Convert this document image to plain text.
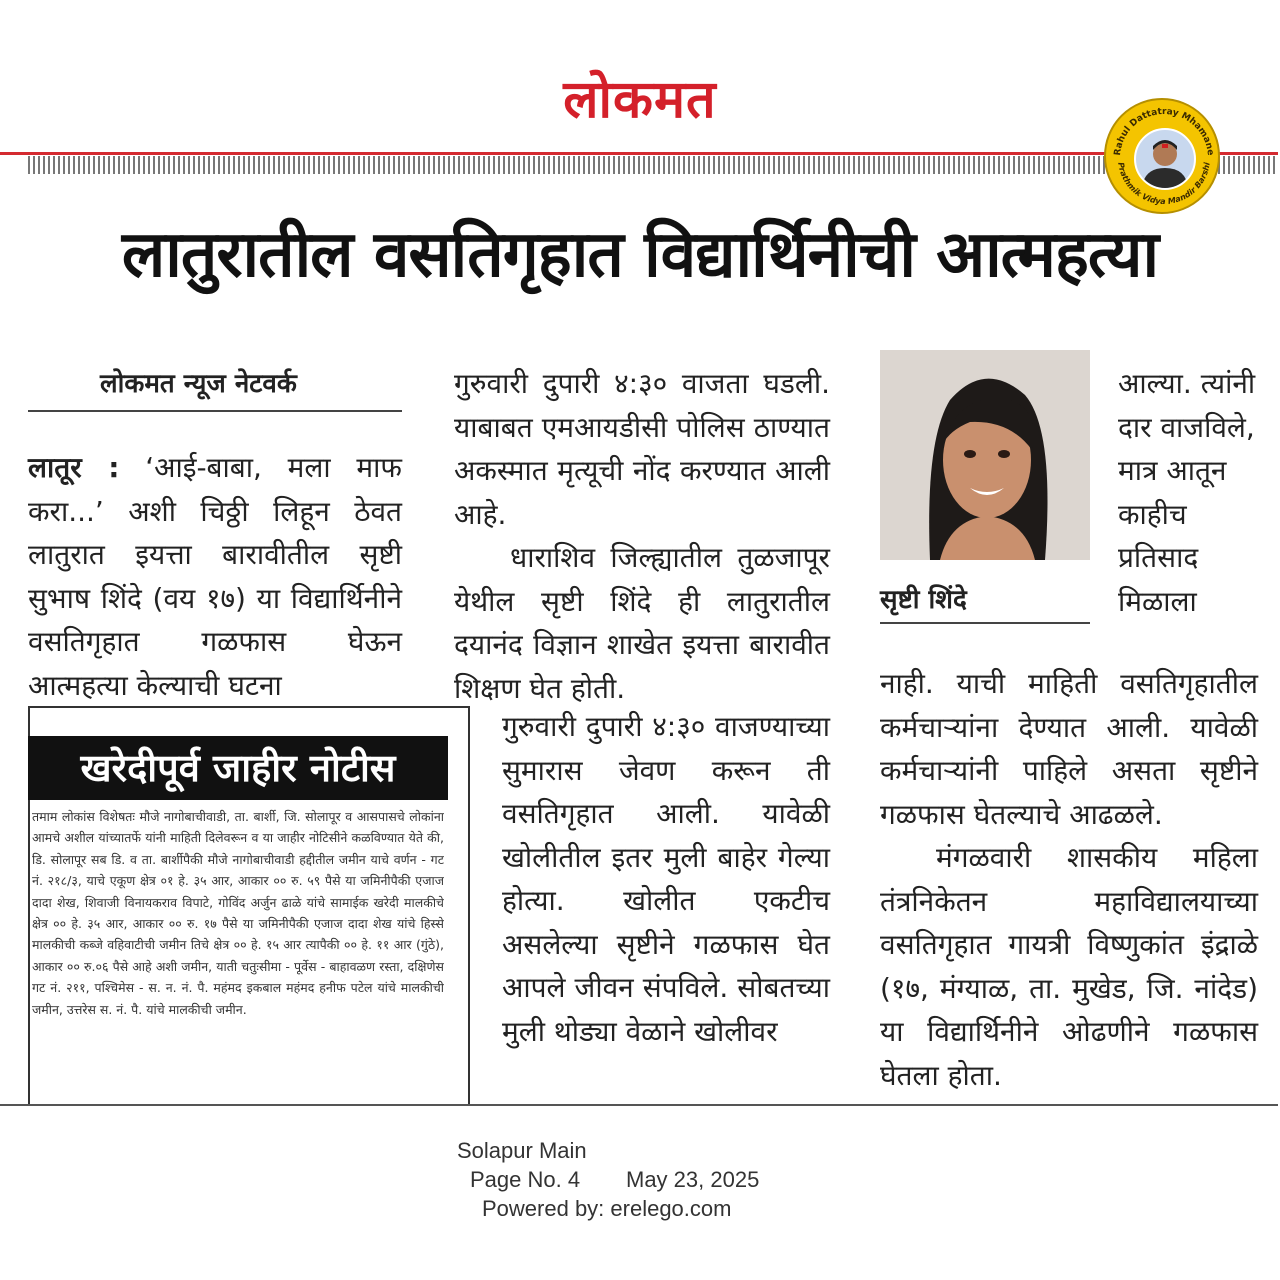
लोकमत
Rahul Dattatray Mhamane
Prathmik Vidya Mandir Barshi
लातुरातील वसतिगृहात विद्यार्थिनीची आत्महत्या
लोकमत न्यूज नेटवर्क

लातूर : ‘आई-बाबा, मला माफ करा...’ अशी चिठ्ठी लिहून ठेवत लातुरात इयत्ता बारावीतील सृष्टी सुभाष शिंदे (वय १७) या विद्यार्थिनीने वसतिगृहात गळफास घेऊन आत्महत्या केल्याची घटना

खरेदीपूर्व जाहीर नोटीस
तमाम लोकांस विशेषतः मौजे नागोबाचीवाडी, ता. बार्शी, जि. सोलापूर व आसपासचे लोकांना आमचे अशील यांच्यातर्फे यांनी माहिती दिलेवरून व या जाहीर नोटिसीने कळविण्यात येते की, डि. सोलापूर सब डि. व ता. बार्शीपैकी मौजे नागोबाचीवाडी हद्दीतील जमीन याचे वर्णन - गट नं. २१८/३, याचे एकूण क्षेत्र ०१ हे. ३५ आर, आकार ०० रु. ५९ पैसे या जमिनीपैकी एजाज दादा शेख, शिवाजी विनायकराव विपाटे, गोविंद अर्जुन ढाळे यांचे सामाईक खरेदी मालकीचे क्षेत्र ०० हे. ३५ आर, आकार ०० रु. १७ पैसे या जमिनीपैकी एजाज दादा शेख यांचे हिस्से मालकीची कब्जे वहिवाटीची जमीन तिचे क्षेत्र ०० हे. १५ आर त्यापैकी ०० हे. ११ आर (गुंठे), आकार ०० रु.०६ पैसे आहे अशी जमीन, याती चतुःसीमा - पूर्वेस - बाहावळण रस्ता, दक्षिणेस गट नं. २११, पश्चिमेस - स. न. नं. पै. महंमद इकबाल महंमद हनीफ पटेल यांचे मालकीची जमीन, उत्तरेस स. नं. पै. यांचे मालकीची जमीन.

गुरुवारी दुपारी ४:३० वाजता घडली. याबाबत एमआयडीसी पोलिस ठाण्यात अकस्मात मृत्यूची नोंद करण्यात आली आहे.

धाराशिव जिल्ह्यातील तुळजापूर येथील सृष्टी शिंदे ही लातुरातील दयानंद विज्ञान शाखेत इयत्ता बारावीत शिक्षण घेत होती.

गुरुवारी दुपारी ४:३० वाजण्याच्या सुमारास जेवण करून ती वसतिगृहात आली. यावेळी खोलीतील इतर मुली बाहेर गेल्या होत्या. खोलीत एकटीच असलेल्या सृष्टीने गळफास घेत आपले जीवन संपविले. सोबतच्या मुली थोड्या वेळाने खोलीवर

सृष्टी शिंदे

आल्या. त्यांनी दार वाजविले, मात्र आतून काहीच प्रतिसाद मिळाला

नाही. याची माहिती वसतिगृहातील कर्मचाऱ्यांना देण्यात आली. यावेळी कर्मचाऱ्यांनी पाहिले असता सृष्टीने गळफास घेतल्याचे आढळले.

मंगळवारी शासकीय महिला तंत्रनिकेतन महाविद्यालयाच्या वसतिगृहात गायत्री विष्णुकांत इंद्राळे (१७, मंग्याळ, ता. मुखेड, जि. नांदेड) या विद्यार्थिनीने ओढणीने गळफास घेतला होता.

Solapur Main
Page No. 4 May 23, 2025
Powered by: erelego.com
